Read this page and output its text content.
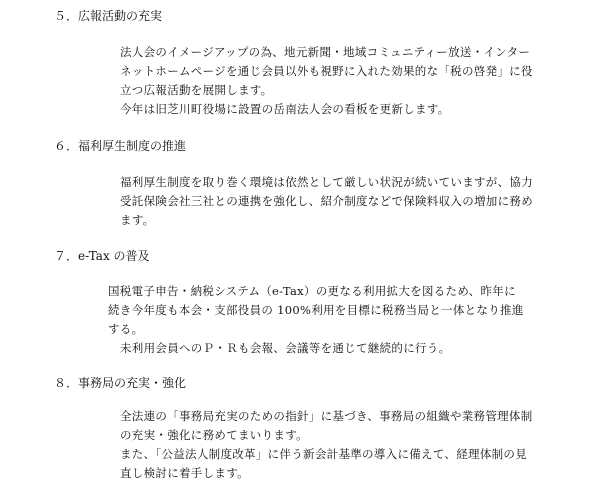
５．広報活動の充実
法人会のイメージアップの為、地元新聞・地域コミュニティー放送・インター
ネットホームページを通じ会員以外も視野に入れた効果的な「税の啓発」に役
立つ広報活動を展開します。
今年は旧芝川町役場に設置の岳南法人会の看板を更新します。
６．福利厚生制度の推進
福利厚生制度を取り巻く環境は依然として厳しい状況が続いていますが、協力
受託保険会社三社との連携を強化し、紹介制度などで保険料収入の増加に務め
ます。
７．e-Tax の普及
国税電子申告・納税システム（e-Tax）の更なる利用拡大を図るため、昨年に
続き今年度も本会・支部役員の 100%利用を目標に税務当局と一体となり推進
する。
未利用会員へのＰ・Ｒも会報、会議等を通じて継続的に行う。
８．事務局の充実・強化
全法連の「事務局充実のための指針」に基づき、事務局の組織や業務管理体制
の充実・強化に務めてまいります。
また、「公益法人制度改革」に伴う新会計基準の導入に備えて、経理体制の見
直し検討に着手します。
